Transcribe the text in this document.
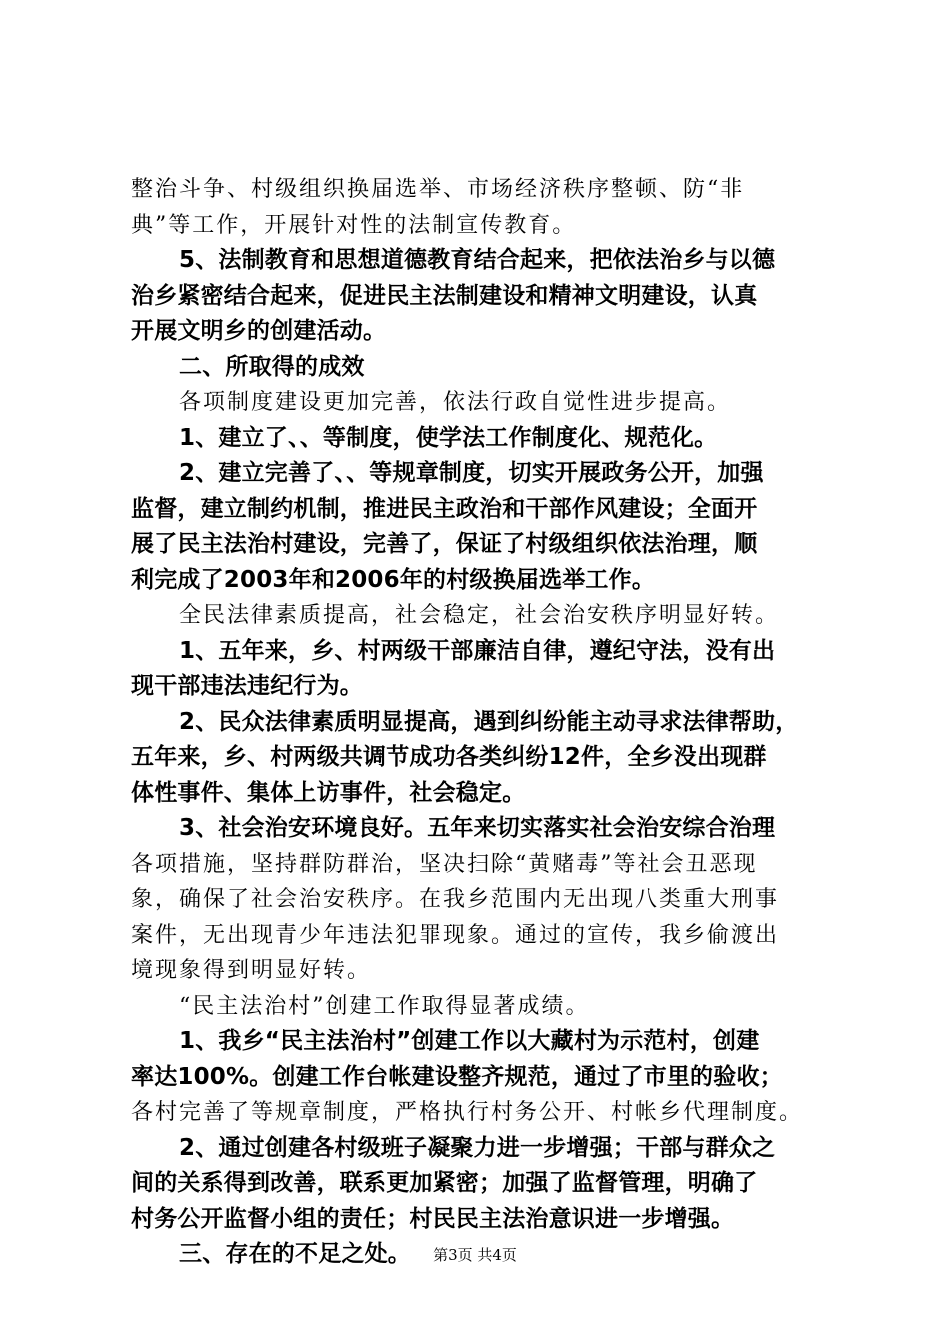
整治斗争、村级组织换届选举、市场经济秩序整顿、防“非
典”等工作，开展针对性的法制宣传教育。
5、法制教育和思想道德教育结合起来，把依法治乡与以德
治乡紧密结合起来，促进民主法制建设和精神文明建设，认真
开展文明乡的创建活动。
二、所取得的成效
各项制度建设更加完善，依法行政自觉性进步提高。
1、建立了、、等制度，使学法工作制度化、规范化。
2、建立完善了、、等规章制度，切实开展政务公开，加强
监督，建立制约机制，推进民主政治和干部作风建设；全面开
展了民主法治村建设，完善了，保证了村级组织依法治理，顺
利完成了2003年和2006年的村级换届选举工作。
全民法律素质提高，社会稳定，社会治安秩序明显好转。
1、五年来，乡、村两级干部廉洁自律，遵纪守法，没有出
现干部违法违纪行为。
2、民众法律素质明显提高，遇到纠纷能主动寻求法律帮助，
五年来，乡、村两级共调节成功各类纠纷12件，全乡没出现群
体性事件、集体上访事件，社会稳定。
3、社会治安环境良好。五年来切实落实社会治安综合治理
各项措施，坚持群防群治，坚决扫除“黄赌毒”等社会丑恶现
象，确保了社会治安秩序。在我乡范围内无出现八类重大刑事
案件，无出现青少年违法犯罪现象。通过的宣传，我乡偷渡出
境现象得到明显好转。
“民主法治村”创建工作取得显著成绩。
1、我乡“民主法治村”创建工作以大藏村为示范村，创建
率达100%。创建工作台帐建设整齐规范，通过了市里的验收；
各村完善了等规章制度，严格执行村务公开、村帐乡代理制度。
2、通过创建各村级班子凝聚力进一步增强；干部与群众之
间的关系得到改善，联系更加紧密；加强了监督管理，明确了
村务公开监督小组的责任；村民民主法治意识进一步增强。
三、存在的不足之处。	第3页 共4页
